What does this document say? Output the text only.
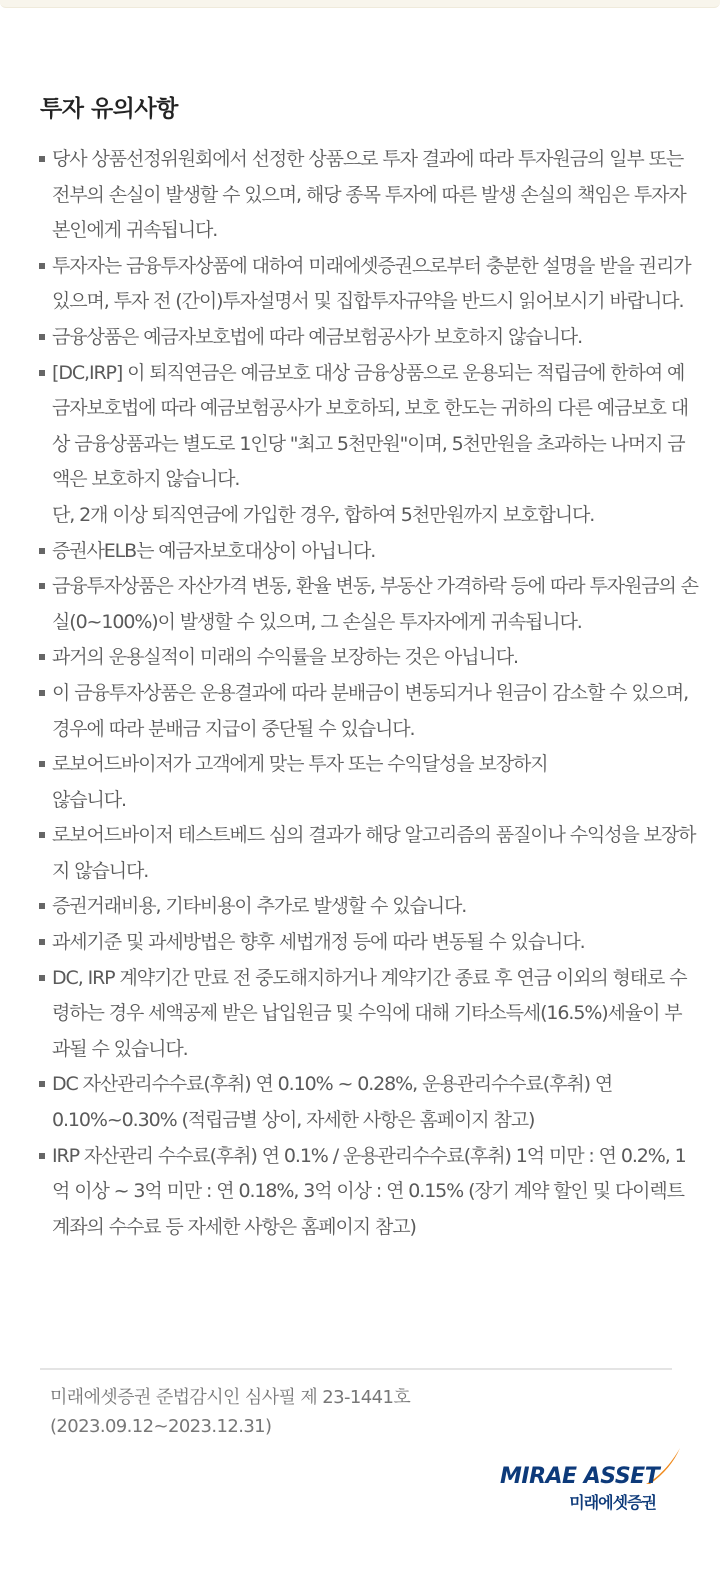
투자 유의사항
당사 상품선정위원회에서 선정한 상품으로 투자 결과에 따라 투자원금의 일부 또는 전부의 손실이 발생할 수 있으며, 해당 종목 투자에 따른 발생 손실의 책임은 투자자 본인에게 귀속됩니다.
투자자는 금융투자상품에 대하여 미래에셋증권으로부터 충분한 설명을 받을 권리가 있으며, 투자 전 (간이)투자설명서 및 집합투자규약을 반드시 읽어보시기 바랍니다.
금융상품은 예금자보호법에 따라 예금보험공사가 보호하지 않습니다.
[DC,IRP] 이 퇴직연금은 예금보호 대상 금융상품으로 운용되는 적립금에 한하여 예금자보호법에 따라 예금보험공사가 보호하되, 보호 한도는 귀하의 다른 예금보호 대상 금융상품과는 별도로 1인당 "최고 5천만원"이며, 5천만원을 초과하는 나머지 금액은 보호하지 않습니다.
단, 2개 이상 퇴직연금에 가입한 경우, 합하여 5천만원까지 보호합니다.
증권사ELB는 예금자보호대상이 아닙니다.
금융투자상품은 자산가격 변동, 환율 변동, 부동산 가격하락 등에 따라 투자원금의 손실(0~100%)이 발생할 수 있으며, 그 손실은 투자자에게 귀속됩니다.
과거의 운용실적이 미래의 수익률을 보장하는 것은 아닙니다.
이 금융투자상품은 운용결과에 따라 분배금이 변동되거나 원금이 감소할 수 있으며, 경우에 따라 분배금 지급이 중단될 수 있습니다.
로보어드바이저가 고객에게 맞는 투자 또는 수익달성을 보장하지
않습니다.
로보어드바이저 테스트베드 심의 결과가 해당 알고리즘의 품질이나 수익성을 보장하지 않습니다.
증권거래비용, 기타비용이 추가로 발생할 수 있습니다.
과세기준 및 과세방법은 향후 세법개정 등에 따라 변동될 수 있습니다.
DC, IRP 계약기간 만료 전 중도해지하거나 계약기간 종료 후 연금 이외의 형태로 수령하는 경우 세액공제 받은 납입원금 및 수익에 대해 기타소득세(16.5%)세율이 부과될 수 있습니다.
DC 자산관리수수료(후취) 연 0.10% ~ 0.28%, 운용관리수수료(후취) 연 0.10%~0.30% (적립금별 상이, 자세한 사항은 홈페이지 참고)
IRP 자산관리 수수료(후취) 연 0.1% / 운용관리수수료(후취) 1억 미만 : 연 0.2%, 1억 이상 ~ 3억 미만 : 연 0.18%, 3억 이상 : 연 0.15% (장기 계약 할인 및 다이렉트계좌의 수수료 등 자세한 사항은 홈페이지 참고)
미래에셋증권 준법감시인 심사필 제 23-1441호
(2023.09.12~2023.12.31)
MIRAE ASSET
미래에셋증권
